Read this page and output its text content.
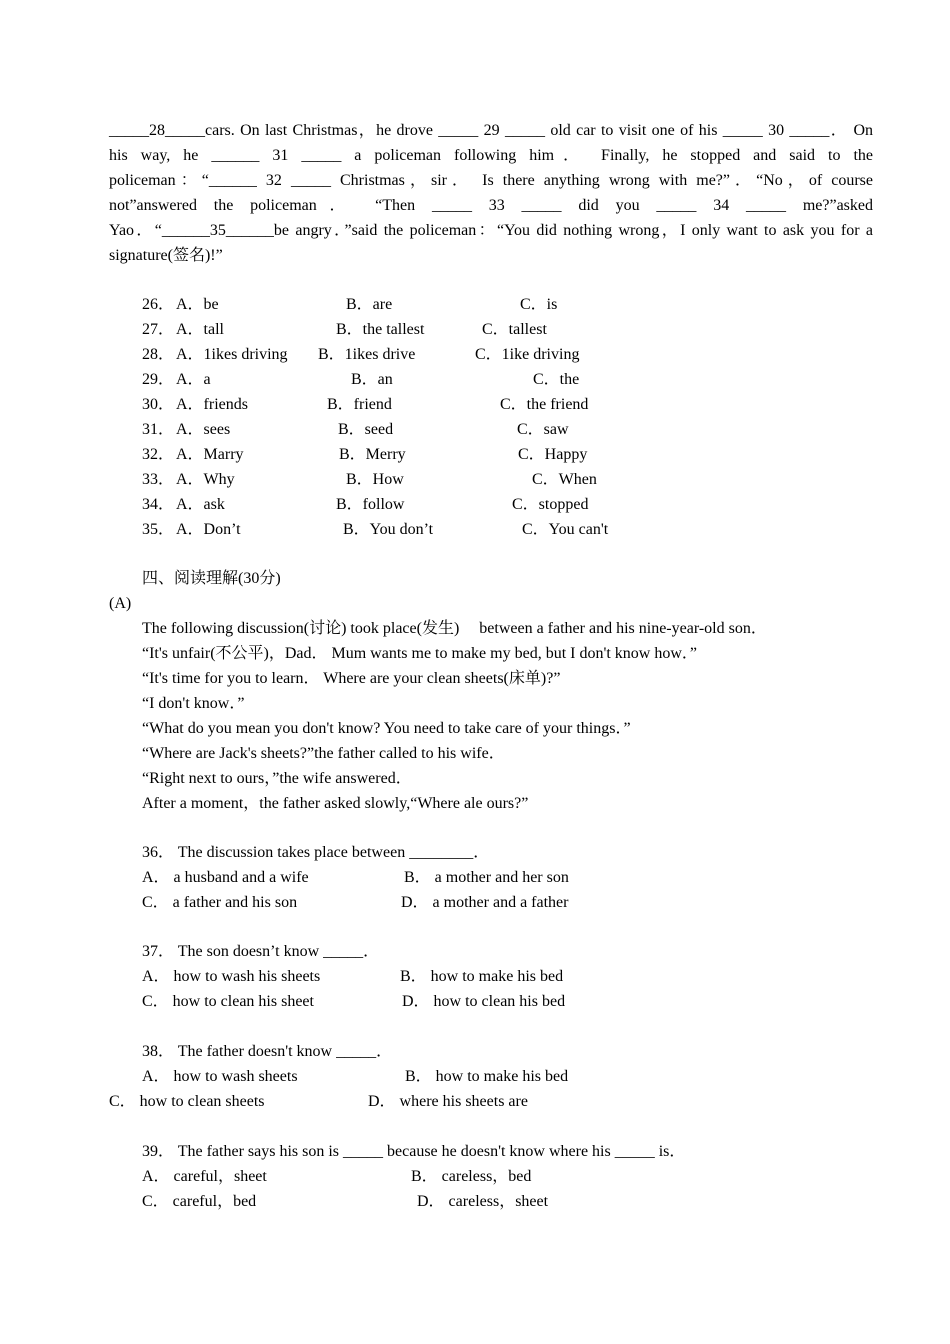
_____28_____cars. On last Christmas，he drove _____ 29 _____ old car to visit one of his _____ 30 _____． On
his way, he ______ 31 _____ a policeman following him． Finally, he stopped and said to the
policeman：“______ 32 _____ Christmas，sir． Is there anything wrong with me?”．“No，of course
not”answered the policeman． “Then _____ 33 _____ did you _____ 34 _____ me?”asked
Yao．“______35______be angry．”said the policeman：“You did nothing wrong，I only want to ask you for a
signature(签名)!”
26． A．be	B．are	C．is
27． A．tall	B．the tallest	C．tallest
28． A．1ikes driving B．1ikes drive	C．1ike driving
29． A．a	B．an	C．the
30． A．friends	B．friend	C．the friend
31． A．sees	B．seed	C．saw
32． A．Marry	B．Merry	C．Happy
33． A．Why	B．How	C．When
34． A．ask	B．follow	C．stopped
35． A．Don’t	B．You don’t	C．You can't
四、阅读理解(30分)
(A)
The following discussion(讨论) took place(发生)     between a father and his nine-year-old son．
“It's unfair(不公平)，Dad． Mum wants me to make my bed, but I don't know how．”
“It's time for you to learn． Where are your clean sheets(床单)?”
“I don't know．”
“What do you mean you don't know? You need to take care of your things．”
“Where are Jack's sheets?”the father called to his wife．
“Right next to ours，”the wife answered．
After a moment，the father asked slowly,“Where ale ours?”
36． The discussion takes place between ________．
A． a husband and a wife	B． a mother and her son
C． a father and his son	D． a mother and a father
37． The son doesn’t know _____．
A． how to wash his sheets	B． how to make his bed
C． how to clean his sheet	D． how to clean his bed
38． The father doesn't know _____．
A． how to wash sheets	B． how to make his bed
C． how to clean sheets	D． where his sheets are
39． The father says his son is _____ because he doesn't know where his _____ is．
A． careful，sheet	B． careless，bed
C． careful，bed	D． careless，sheet
